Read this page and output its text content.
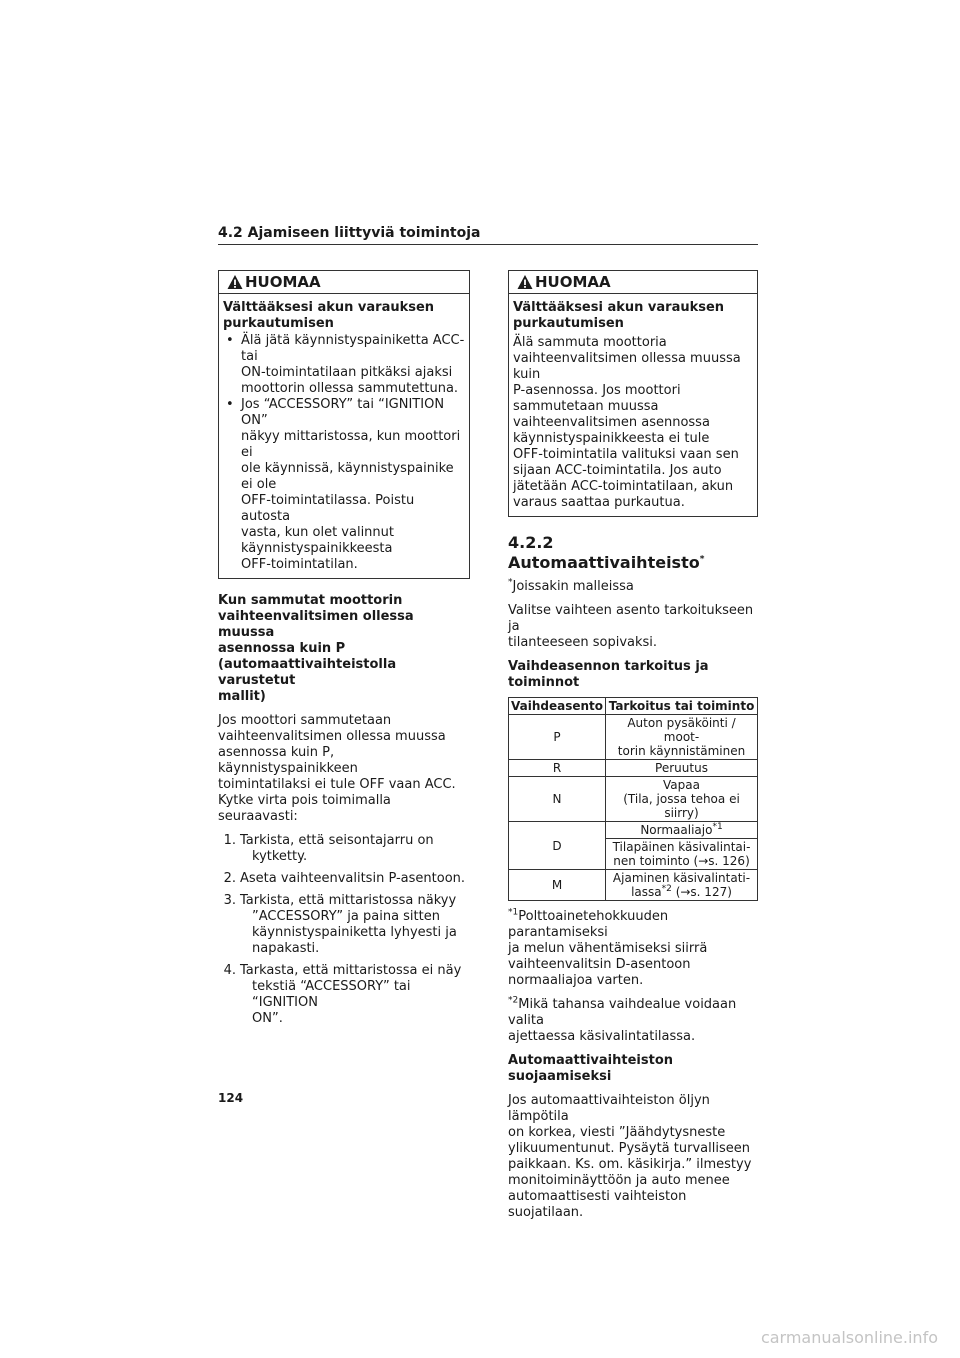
4.2 Ajamiseen liittyviä toimintoja
HUOMAA
Välttääksesi akun varauksen purkautumisen
• Älä jätä käynnistyspainiketta ACC- tai
ON-toimintatilaan pitkäksi ajaksi
moottorin ollessa sammutettuna.
• Jos “ACCESSORY” tai “IGNITION ON”
näkyy mittaristossa, kun moottori ei
ole käynnissä, käynnistyspainike ei ole
OFF-toimintatilassa. Poistu autosta
vasta, kun olet valinnut
käynnistyspainikkeesta
OFF-toimintatilan.
Kun sammutat moottorin
vaihteenvalitsimen ollessa muussa
asennossa kuin P
(automaattivaihteistolla varustetut
mallit)

Jos moottori sammutetaan
vaihteenvalitsimen ollessa muussa
asennossa kuin P, käynnistyspainikkeen
toimintatilaksi ei tule OFF vaan ACC.
Kytke virta pois toimimalla seuraavasti:

1. Tarkista, että seisontajarru on
kytketty.
2. Aseta vaihteenvalitsin P-asentoon.
3. Tarkista, että mittaristossa näkyy
”ACCESSORY” ja paina sitten
käynnistyspainiketta lyhyesti ja
napakasti.
4. Tarkasta, että mittaristossa ei näy
tekstiä “ACCESSORY” tai “IGNITION
ON”.
HUOMAA
Välttääksesi akun varauksen
purkautumisen
Älä sammuta moottoria
vaihteenvalitsimen ollessa muussa kuin
P-asennossa. Jos moottori
sammutetaan muussa
vaihteenvalitsimen asennossa
käynnistyspainikkeesta ei tule
OFF-toimintatila valituksi vaan sen
sijaan ACC-toimintatila. Jos auto
jätetään ACC-toimintatilaan, akun
varaus saattaa purkautua.
4.2.2  Automaattivaihteisto*

*Joissakin malleissa

Valitse vaihteen asento tarkoitukseen ja
tilanteeseen sopivaksi.

Vaihdeasennon tarkoitus ja toiminnot
Vaihdeasento	Tarkoitus tai toiminto
P	Auton pysäköinti / moot-
torin käynnistäminen

R	Peruutus
N	Vapaa
(Tila, jossa tehoa ei siirry)

D	Normaaliajo$^{*1}$

	Tilapäinen käsivalintai-
nen toiminto (→s. 126)

M	Ajaminen käsivalintati-
lassa$^{*2}$ (→s. 127)
$^{*1}$Polttoainetehokkuuden parantamiseksi
ja melun vähentämiseksi siirrä
vaihteenvalitsin D-asentoon
normaaliajoa varten.
$^{*2}$Mikä tahansa vaihdealue voidaan valita
ajettaessa käsivalintatilassa.
Automaattivaihteiston suojaamiseksi

Jos automaattivaihteiston öljyn lämpötila
on korkea, viesti ”Jäähdytysneste
ylikuumentunut. Pysäytä turvalliseen
paikkaan. Ks. om. käsikirja.” ilmestyy
monitoiminäyttöön ja auto menee
automaattisesti vaihteiston suojatilaan.

124
carmanualsonline.info
